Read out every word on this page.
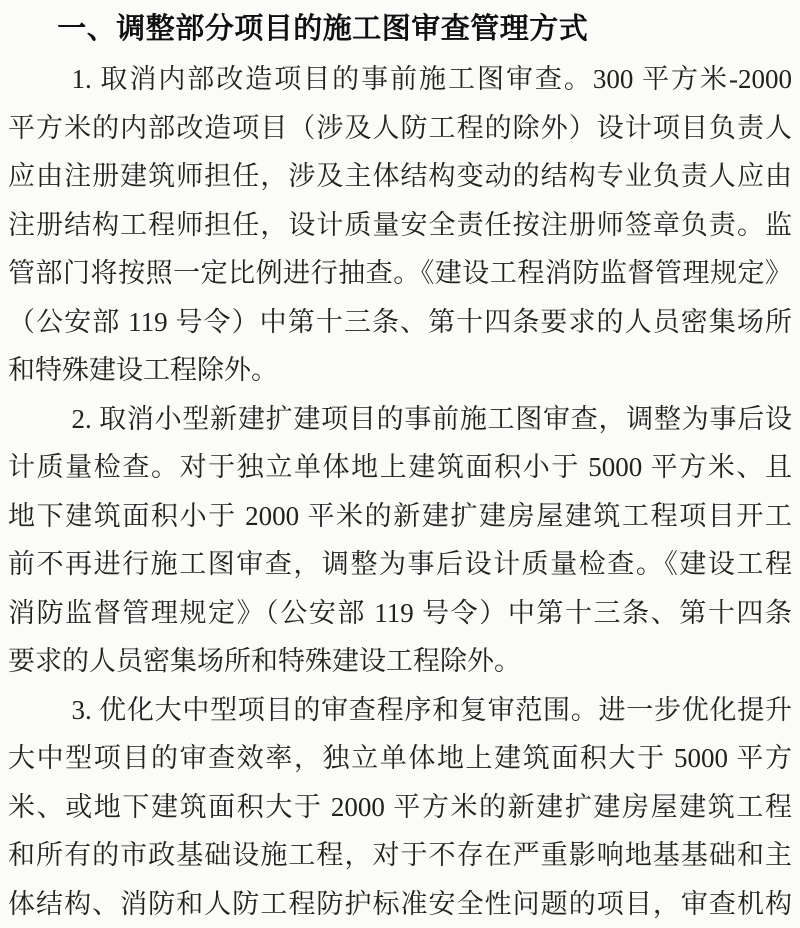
一、调整部分项目的施工图审查管理方式
1. 取消内部改造项目的事前施工图审查。300 平方米-2000
平方米的内部改造项目（涉及人防工程的除外）设计项目负责人
应由注册建筑师担任，涉及主体结构变动的结构专业负责人应由
注册结构工程师担任，设计质量安全责任按注册师签章负责。监
管部门将按照一定比例进行抽查。《建设工程消防监督管理规定》
（公安部 119 号令）中第十三条、第十四条要求的人员密集场所
和特殊建设工程除外。
2. 取消小型新建扩建项目的事前施工图审查，调整为事后设
计质量检查。对于独立单体地上建筑面积小于 5000 平方米、且
地下建筑面积小于 2000 平米的新建扩建房屋建筑工程项目开工
前不再进行施工图审查，调整为事后设计质量检查。《建设工程
消防监督管理规定》（公安部 119 号令）中第十三条、第十四条
要求的人员密集场所和特殊建设工程除外。
3. 优化大中型项目的审查程序和复审范围。进一步优化提升
大中型项目的审查效率，独立单体地上建筑面积大于 5000 平方
米、或地下建筑面积大于 2000 平方米的新建扩建房屋建筑工程
和所有的市政基础设施工程，对于不存在严重影响地基基础和主
体结构、消防和人防工程防护标准安全性问题的项目，审查机构
